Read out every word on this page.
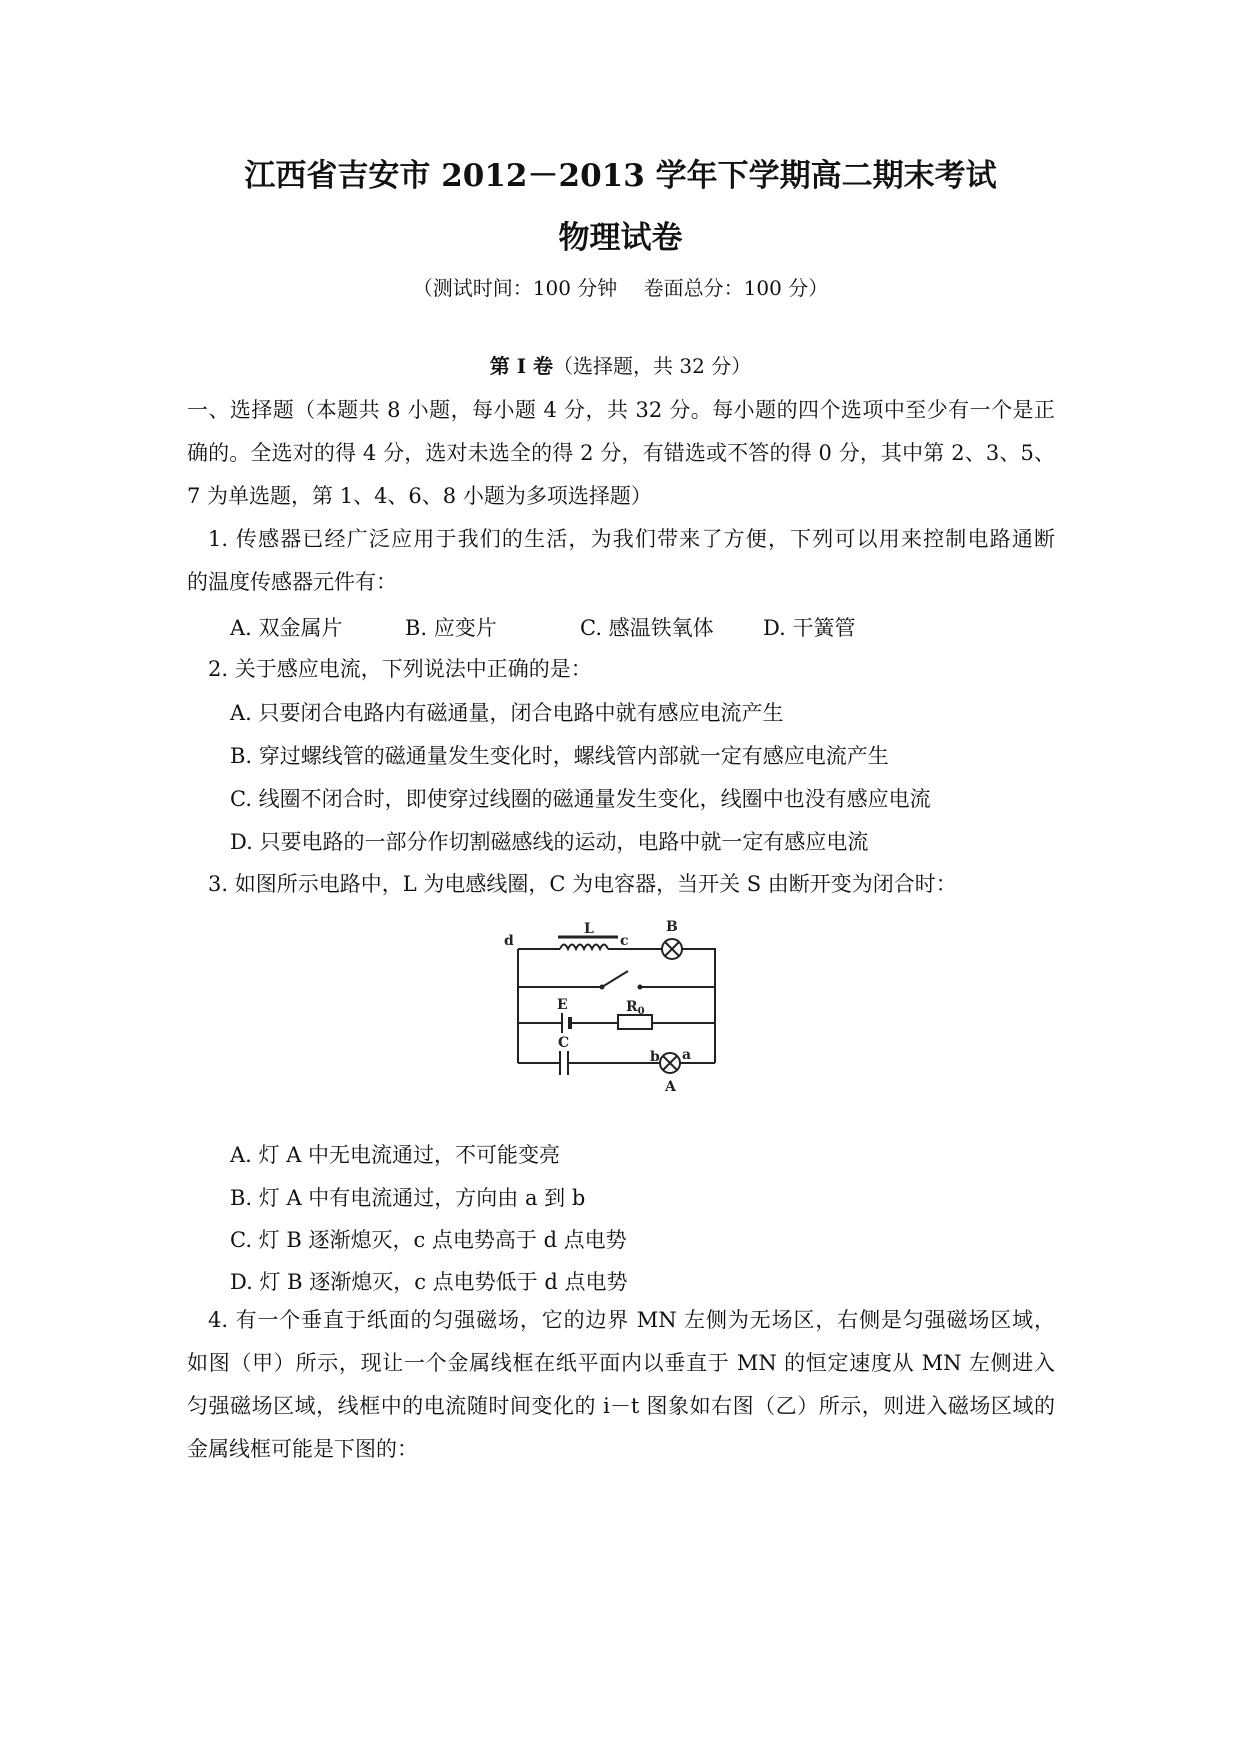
江西省吉安市 2012－2013 学年下学期高二期末考试
物理试卷
（测试时间：100 分钟　 卷面总分：100 分）
第 I 卷（选择题，共 32 分）
一、选择题（本题共 8 小题，每小题 4 分，共 32 分。每小题的四个选项中至少有一个是正
确的。全选对的得 4 分，选对未选全的得 2 分，有错选或不答的得 0 分，其中第 2、3、5、
7 为单选题，第 1、4、6、8 小题为多项选择题）
1. 传感器已经广泛应用于我们的生活，为我们带来了方便，下列可以用来控制电路通断
的温度传感器元件有：
A. 双金属片	B. 应变片	C. 感温铁氧体 D. 干簧管
2. 关于感应电流，下列说法中正确的是：
A. 只要闭合电路内有磁通量，闭合电路中就有感应电流产生
B. 穿过螺线管的磁通量发生变化时，螺线管内部就一定有感应电流产生
C. 线圈不闭合时，即使穿过线圈的磁通量发生变化，线圈中也没有感应电流
D. 只要电路的一部分作切割磁感线的运动，电路中就一定有感应电流
3. 如图所示电路中，L 为电感线圈，C 为电容器，当开关 S 由断开变为闭合时：
d
L
c
B
E	$R_0$
C
b a
A
A. 灯 A 中无电流通过，不可能变亮
B. 灯 A 中有电流通过，方向由 a 到 b
C. 灯 B 逐渐熄灭，c 点电势高于 d 点电势
D. 灯 B 逐渐熄灭，c 点电势低于 d 点电势
4. 有一个垂直于纸面的匀强磁场，它的边界 MN 左侧为无场区，右侧是匀强磁场区域，
如图（甲）所示，现让一个金属线框在纸平面内以垂直于 MN 的恒定速度从 MN 左侧进入
匀强磁场区域，线框中的电流随时间变化的 i－t 图象如右图（乙）所示，则进入磁场区域的
金属线框可能是下图的：
